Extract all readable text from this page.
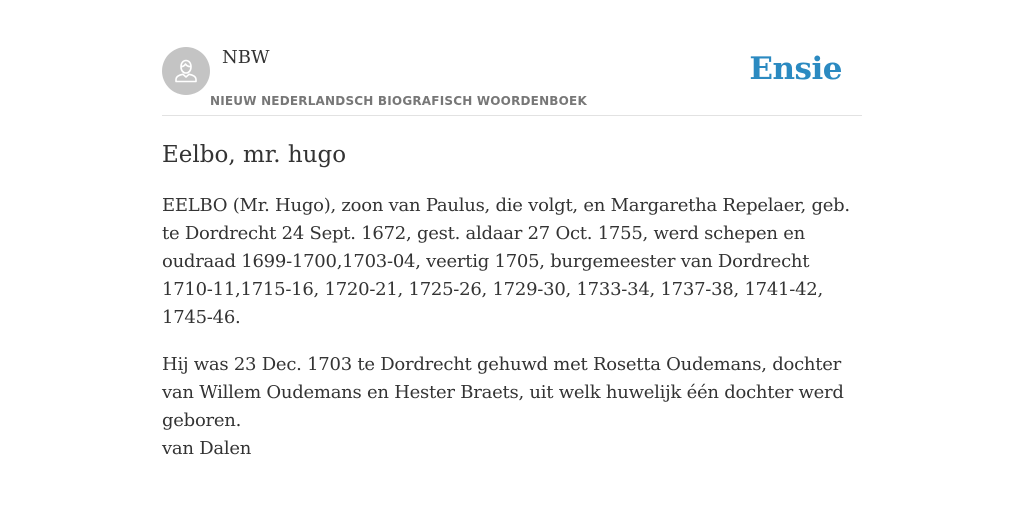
NBW
NIEUW NEDERLANDSCH BIOGRAFISCH WOORDENBOEK
Ensie
Eelbo, mr. hugo

EELBO (Mr. Hugo), zoon van Paulus, die volgt, en Margaretha Repelaer, geb. te Dordrecht 24 Sept. 1672, gest. aldaar 27 Oct. 1755, werd schepen en oudraad 1699-1700,1703-04, veertig 1705, burgemeester van Dordrecht 1710-11,1715-16, 1720-21, 1725-26, 1729-30, 1733-34, 1737-38, 1741-42, 1745-46.

Hij was 23 Dec. 1703 te Dordrecht gehuwd met Rosetta Oudemans, dochter van Willem Oudemans en Hester Braets, uit welk huwelijk één dochter werd geboren.
van Dalen
